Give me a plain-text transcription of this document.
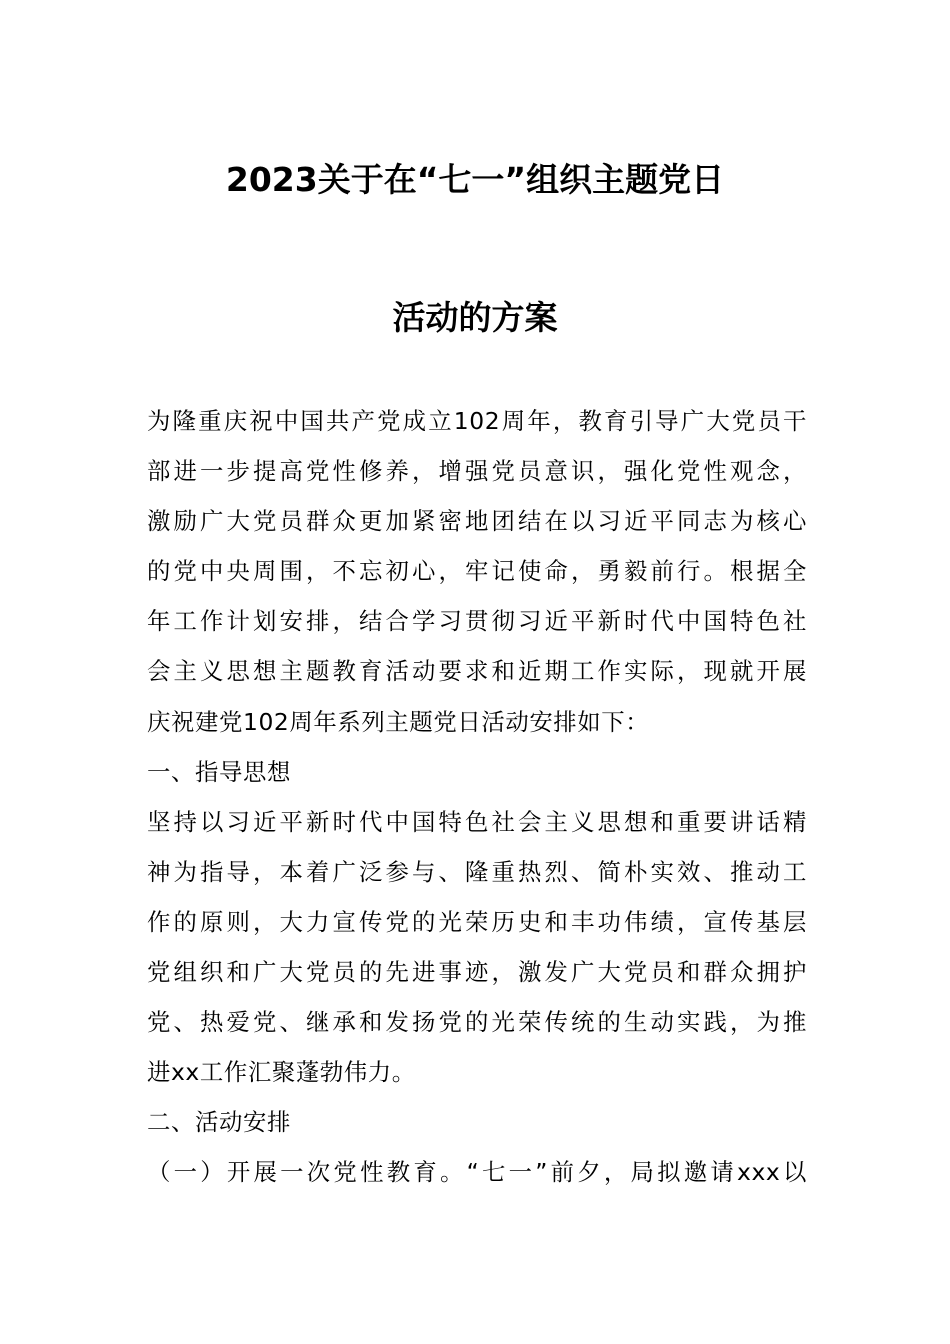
2023关于在“七一”组织主题党日
活动的方案
为隆重庆祝中国共产党成立102周年，教育引导广大党员干
部进一步提高党性修养，增强党员意识，强化党性观念，
激励广大党员群众更加紧密地团结在以习近平同志为核心
的党中央周围，不忘初心，牢记使命，勇毅前行。根据全
年工作计划安排，结合学习贯彻习近平新时代中国特色社
会主义思想主题教育活动要求和近期工作实际，现就开展
庆祝建党102周年系列主题党日活动安排如下：
一、指导思想
坚持以习近平新时代中国特色社会主义思想和重要讲话精
神为指导，本着广泛参与、隆重热烈、简朴实效、推动工
作的原则，大力宣传党的光荣历史和丰功伟绩，宣传基层
党组织和广大党员的先进事迹，激发广大党员和群众拥护
党、热爱党、继承和发扬党的光荣传统的生动实践，为推
进xx工作汇聚蓬勃伟力。
二、活动安排
（一）开展一次党性教育。“七一”前夕，局拟邀请xxx以
